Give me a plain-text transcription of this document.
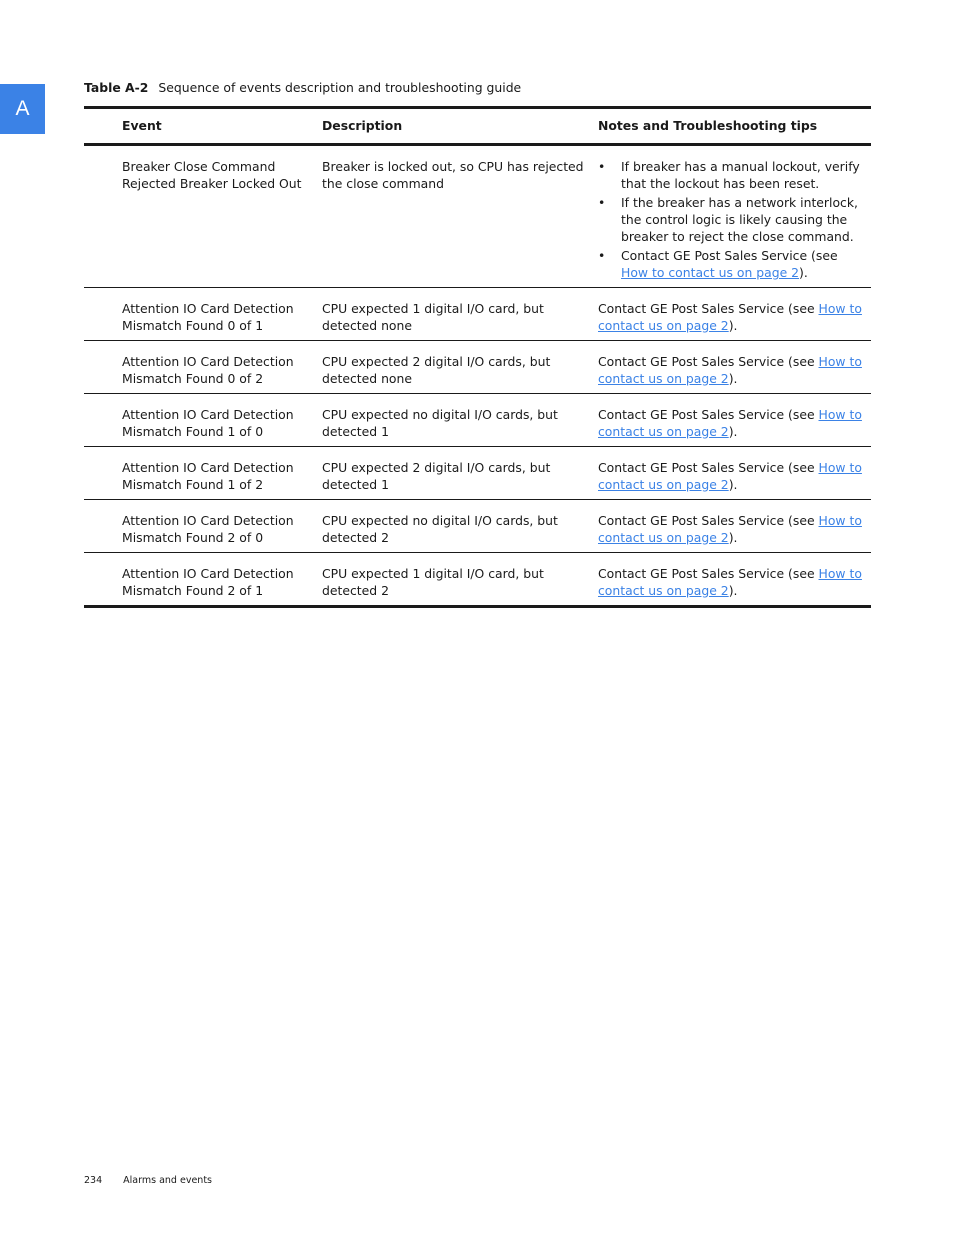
A
Table A-2 Sequence of events description and troubleshooting guide
Event	Description	Notes and Troubleshooting tips
Breaker Close Command Rejected Breaker Locked Out
Breaker is locked out, so CPU has rejected the close command
• If breaker has a manual lockout, verify that the lockout has been reset.
• If the breaker has a network interlock, the control logic is likely causing the breaker to reject the close command.
• Contact GE Post Sales Service (see How to contact us on page 2).
Attention IO Card Detection Mismatch Found 0 of 1
CPU expected 1 digital I/O card, but detected none
Contact GE Post Sales Service (see How to contact us on page 2).
Attention IO Card Detection Mismatch Found 0 of 2
CPU expected 2 digital I/O cards, but detected none
Contact GE Post Sales Service (see How to contact us on page 2).
Attention IO Card Detection Mismatch Found 1 of 0
CPU expected no digital I/O cards, but detected 1
Contact GE Post Sales Service (see How to contact us on page 2).
Attention IO Card Detection Mismatch Found 1 of 2
CPU expected 2 digital I/O cards, but detected 1
Contact GE Post Sales Service (see How to contact us on page 2).
Attention IO Card Detection Mismatch Found 2 of 0
CPU expected no digital I/O cards, but detected 2
Contact GE Post Sales Service (see How to contact us on page 2).
Attention IO Card Detection Mismatch Found 2 of 1
CPU expected 1 digital I/O card, but detected 2
Contact GE Post Sales Service (see How to contact us on page 2).
234 Alarms and events
